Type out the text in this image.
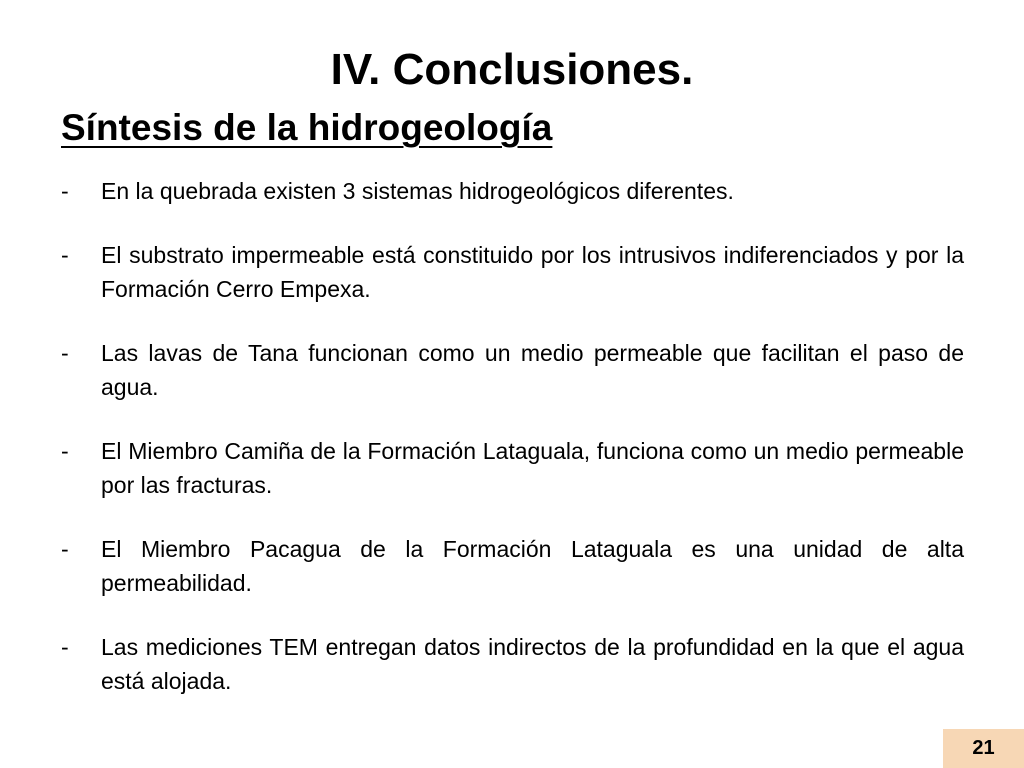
IV. Conclusiones.
Síntesis de la hidrogeología
- En la quebrada existen 3 sistemas hidrogeológicos diferentes.
- El substrato impermeable está constituido por los intrusivos indiferenciados y por la Formación Cerro Empexa.
- Las lavas de Tana funcionan como un medio permeable que facilitan el paso de agua.
- El Miembro Camiña de la Formación Lataguala, funciona como un medio permeable por las fracturas.
- El Miembro Pacagua de la Formación Lataguala es una unidad de alta permeabilidad.
- Las mediciones TEM entregan datos indirectos de la profundidad en la que el agua está alojada.
21
